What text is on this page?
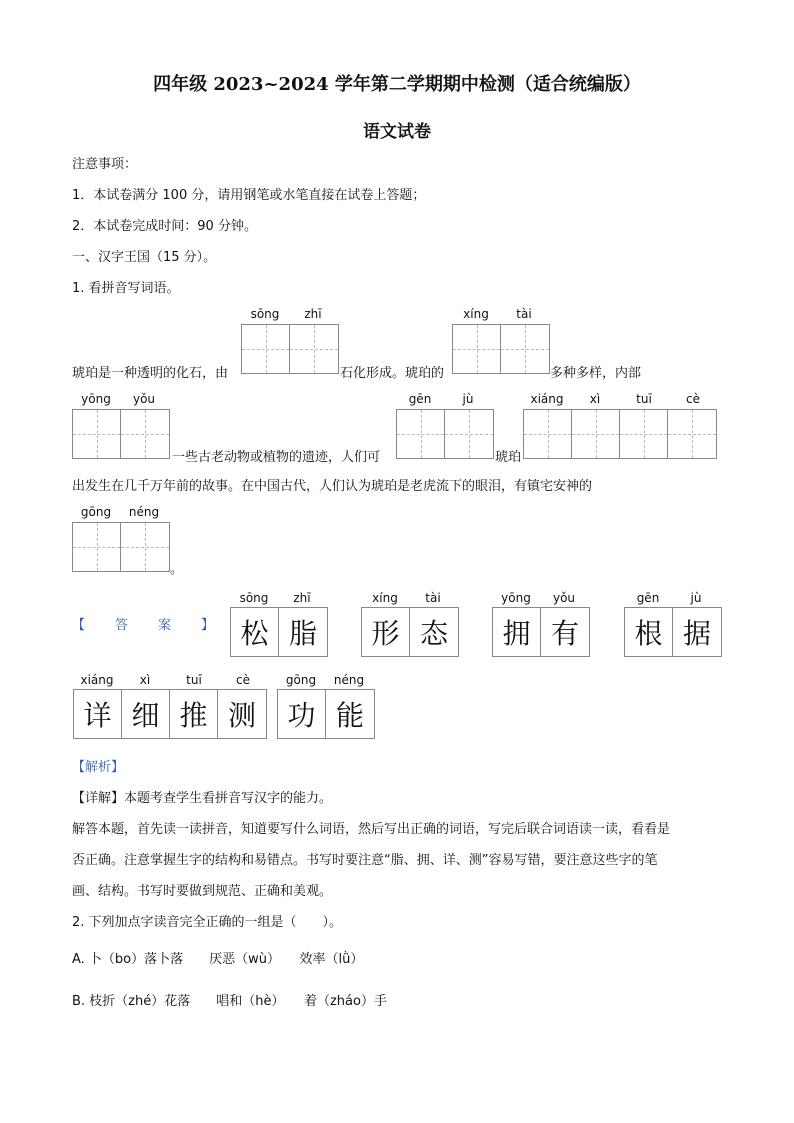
四年级 2023~2024 学年第二学期期中检测（适合统编版）
语文试卷
注意事项：
1．本试卷满分 100 分，请用钢笔或水笔直接在试卷上答题；
2．本试卷完成时间：90 分钟。
一、汉字王国（15 分）。
1. 看拼音写词语。
sōng	zhī	xíng	tài
琥珀是一种透明的化石，由	石化形成。琥珀的	多种多样，内部
yōng	yǒu	gēn	jù	xiáng	xì	tuī	cè
一些古老动物或植物的遗迹，人们可	琥珀
出发生在几千万年前的故事。在中国古代，人们认为琥珀是老虎流下的眼泪，有镇宅安神的
gōng	néng
。
【答案】
sōng	zhī
松 脂
xíng	tài
形 态
yōng	yǒu
拥 有
gēn	jù
根 据
xiáng	xì	tuī	cè
详 细 推 测
gōng	néng
功 能
【解析】
【详解】本题考查学生看拼音写汉字的能力。
解答本题，首先读一读拼音，知道要写什么词语，然后写出正确的词语，写完后联合词语读一读，看看是
否正确。注意掌握生字的结构和易错点。书写时要注意“脂、拥、详、测”容易写错，要注意这些字的笔
画、结构。书写时要做到规范、正确和美观。
2. 下列加点字读音完全正确的一组是（　　）。
A. 卜（bo）落卜落　　厌恶（wù）　　效率（lǜ）
B. 枝折（zhé）花落　　唱和（hè）　　着（zháo）手
